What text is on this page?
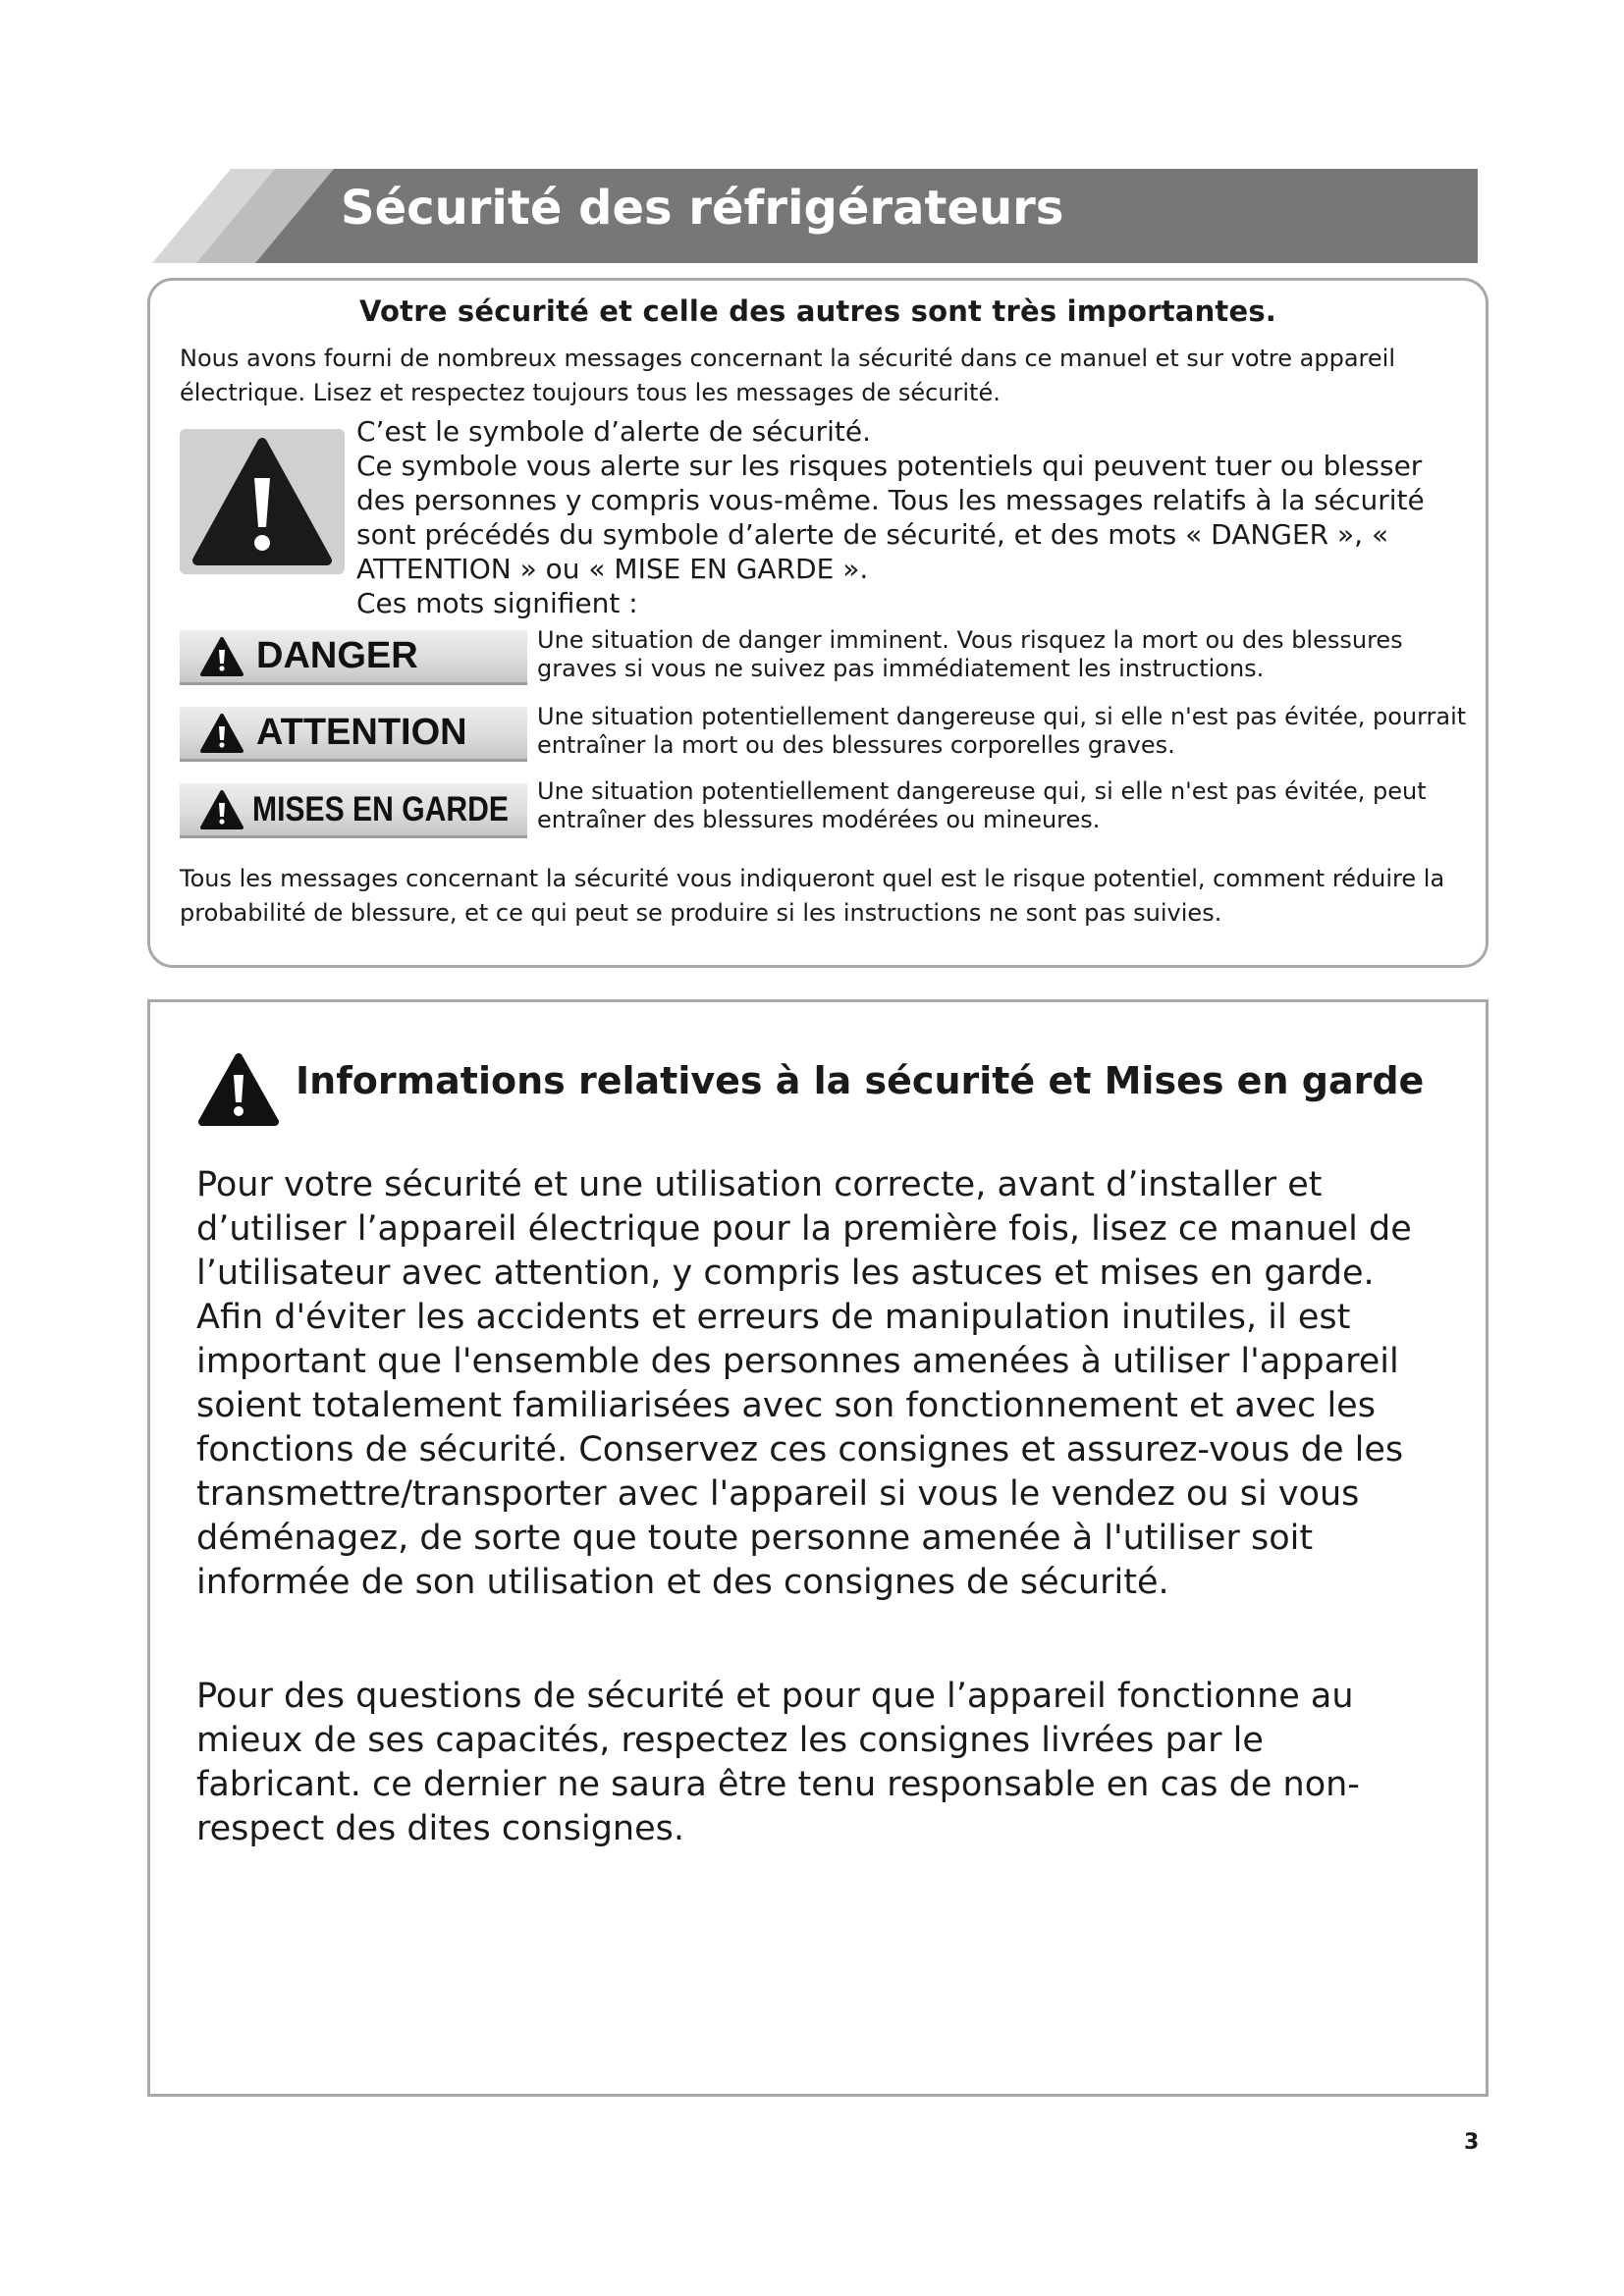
Sécurité des réfrigérateurs
Votre sécurité et celle des autres sont très importantes.
Nous avons fourni de nombreux messages concernant la sécurité dans ce manuel et sur votre appareil électrique. Lisez et respectez toujours tous les messages de sécurité.
C’est le symbole d’alerte de sécurité.
Ce symbole vous alerte sur les risques potentiels qui peuvent tuer ou blesser des personnes y compris vous-même. Tous les messages relatifs à la sécurité sont précédés du symbole d’alerte de sécurité, et des mots « DANGER », « ATTENTION » ou « MISE EN GARDE ».
Ces mots signifient :
DANGER	Une situation de danger imminent. Vous risquez la mort ou des blessures graves si vous ne suivez pas immédiatement les instructions.
ATTENTION	Une situation potentiellement dangereuse qui, si elle n'est pas évitée, pourrait entraîner la mort ou des blessures corporelles graves.
MISES EN GARDE Une situation potentiellement dangereuse qui, si elle n'est pas évitée, peut entraîner des blessures modérées ou mineures.
Tous les messages concernant la sécurité vous indiqueront quel est le risque potentiel, comment réduire la probabilité de blessure, et ce qui peut se produire si les instructions ne sont pas suivies.
Informations relatives à la sécurité et Mises en garde
Pour votre sécurité et une utilisation correcte, avant d’installer et d’utiliser l’appareil électrique pour la première fois, lisez ce manuel de l’utilisateur avec attention, y compris les astuces et mises en garde. Afin d'éviter les accidents et erreurs de manipulation inutiles, il est important que l'ensemble des personnes amenées à utiliser l'appareil soient totalement familiarisées avec son fonctionnement et avec les fonctions de sécurité. Conservez ces consignes et assurez-vous de les transmettre/transporter avec l'appareil si vous le vendez ou si vous déménagez, de sorte que toute personne amenée à l'utiliser soit informée de son utilisation et des consignes de sécurité.
Pour des questions de sécurité et pour que l’appareil fonctionne au mieux de ses capacités, respectez les consignes livrées par le fabricant. ce dernier ne saura être tenu responsable en cas de non-respect des dites consignes.
3
